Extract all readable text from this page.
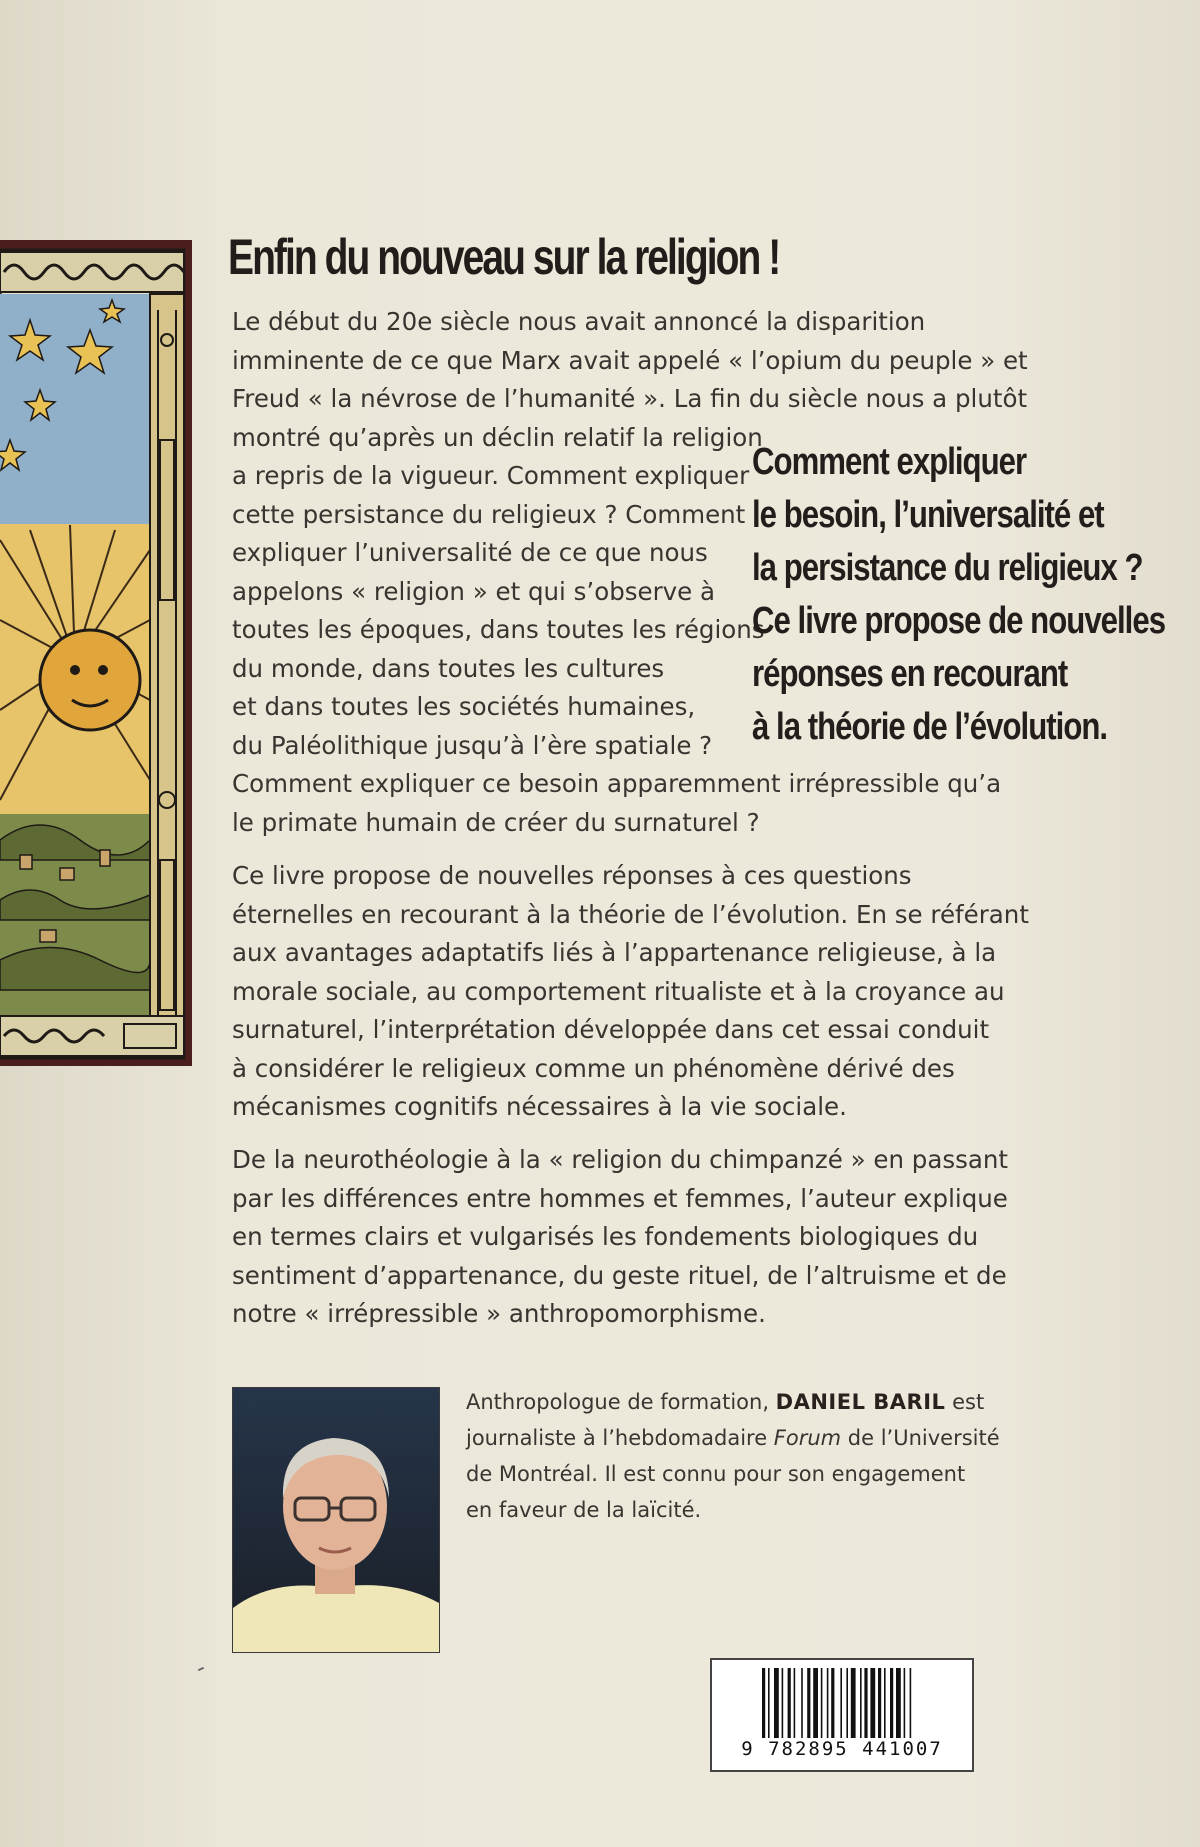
Enfin du nouveau sur la religion !
Le début du 20e siècle nous avait annoncé la disparition
imminente de ce que Marx avait appelé « l’opium du peuple » et
Freud « la névrose de l’humanité ». La fin du siècle nous a plutôt
montré qu’après un déclin relatif la religion
a repris de la vigueur. Comment expliquer
cette persistance du religieux ? Comment
expliquer l’universalité de ce que nous
appelons « religion » et qui s’observe à
toutes les époques, dans toutes les régions
du monde, dans toutes les cultures
et dans toutes les sociétés humaines,
du Paléolithique jusqu’à l’ère spatiale ?
Comment expliquer ce besoin apparemment irrépressible qu’a
le primate humain de créer du surnaturel ?
Comment expliquer
le besoin, l’universalité et
la persistance du religieux ?
Ce livre propose de nouvelles
réponses en recourant
à la théorie de l’évolution.
Ce livre propose de nouvelles réponses à ces questions
éternelles en recourant à la théorie de l’évolution. En se référant
aux avantages adaptatifs liés à l’appartenance religieuse, à la
morale sociale, au comportement ritualiste et à la croyance au
surnaturel, l’interprétation développée dans cet essai conduit
à considérer le religieux comme un phénomène dérivé des
mécanismes cognitifs nécessaires à la vie sociale.
De la neurothéologie à la « religion du chimpanzé » en passant
par les différences entre hommes et femmes, l’auteur explique
en termes clairs et vulgarisés les fondements biologiques du
sentiment d’appartenance, du geste rituel, de l’altruisme et de
notre « irrépressible » anthropomorphisme.
Anthropologue de formation, DANIEL BARIL est
journaliste à l’hebdomadaire Forum de l’Université
de Montréal. Il est connu pour son engagement
en faveur de la laïcité.
9 782895 441007
